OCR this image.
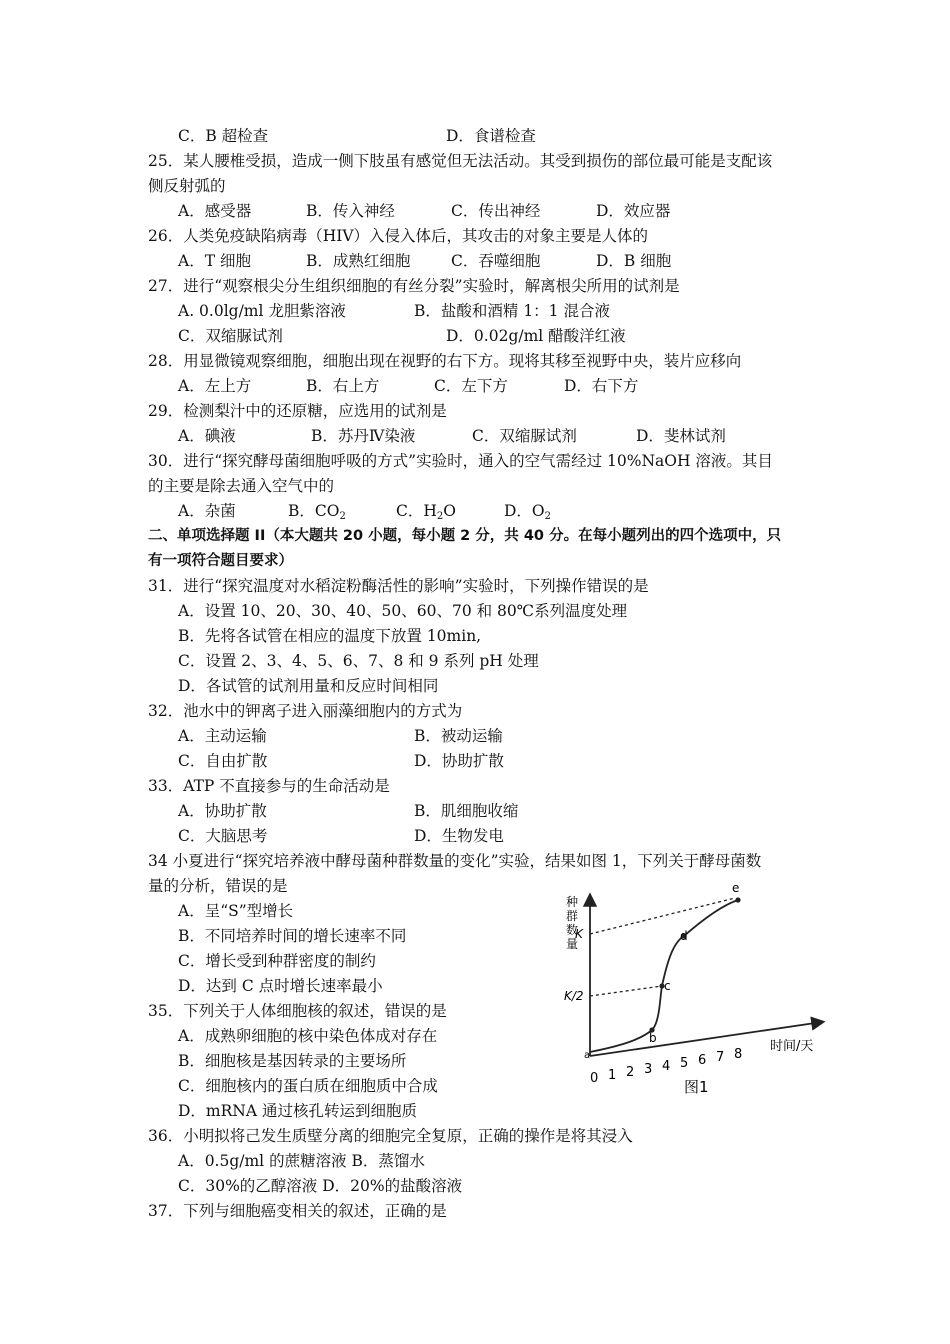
C．B 超检查	D．食谱检查
25．某人腰椎受损，造成一侧下肢虽有感觉但无法活动。其受到损伤的部位最可能是支配该
侧反射弧的
A．感受器	B．传入神经	C．传出神经	D．效应器
26．人类免疫缺陷病毒（HIV）入侵入体后，其攻击的对象主要是人体的
A．T 细胞	B．成熟红细胞	C．吞噬细胞	D．B 细胞
27．进行“观察根尖分生组织细胞的有丝分裂”实验时，解离根尖所用的试剂是
A. 0.0lg/ml 龙胆紫溶液	B．盐酸和酒精 1：1 混合液
C．双缩脲试剂	D．0.02g/ml 醋酸洋红液
28．用显微镜观察细胞，细胞出现在视野的右下方。现将其移至视野中央，装片应移向
A．左上方	B．右上方	C．左下方	D．右下方
29．检测梨汁中的还原糖，应选用的试剂是
A．碘液	B．苏丹Ⅳ染液	C．双缩脲试剂	D．斐林试剂
30．进行“探究酵母菌细胞呼吸的方式”实验时，通入的空气需经过 10%NaOH 溶液。其目
的主要是除去通入空气中的
A．杂菌	B．$CO_2$	C．$H_2O$	D．$O_2$
二、单项选择题 II（本大题共 20 小题，每小题 2 分，共 40 分。在每小题列出的四个选项中，只
有一项符合题目要求）
31．进行“探究温度对水稻淀粉酶活性的影响”实验时，下列操作错误的是
A．设置 10、20、30、40、50、60、70 和 80℃系列温度处理
B．先将各试管在相应的温度下放置 10min,
C．设置 2、3、4、5、6、7、8 和 9 系列 pH 处理
D．各试管的试剂用量和反应时间相同
32．池水中的钾离子进入丽藻细胞内的方式为
A．主动运输	B．被动运输
C．自由扩散	D．协助扩散
33．ATP 不直接参与的生命活动是
A．协助扩散	B．肌细胞收缩
C．大脑思考	D．生物发电
34 小夏进行“探究培养液中酵母菌种群数量的变化”实验，结果如图 1，下列关于酵母菌数
量的分析，错误的是
A．呈“S”型增长
B．不同培养时间的增长速率不同
C．增长受到种群密度的制约
D．达到 C 点时增长速率最小
35．下列关于人体细胞核的叙述，错误的是
A．成熟卵细胞的核中染色体成对存在
B．细胞核是基因转录的主要场所
C．细胞核内的蛋白质在细胞质中合成
D．mRNA 通过核孔转运到细胞质
36．小明拟将己发生质壁分离的细胞完全复原，正确的操作是将其浸入
A．0.5g/ml 的蔗糖溶液 B．蒸馏水
C．30%的乙醇溶液 D．20%的盐酸溶液
37．下列与细胞癌变相关的叙述，正确的是
b
c
d
e
种
群
数
量
K
K/2
a
时间/天
0 1 2 3 4 5 6 7 8
图1
